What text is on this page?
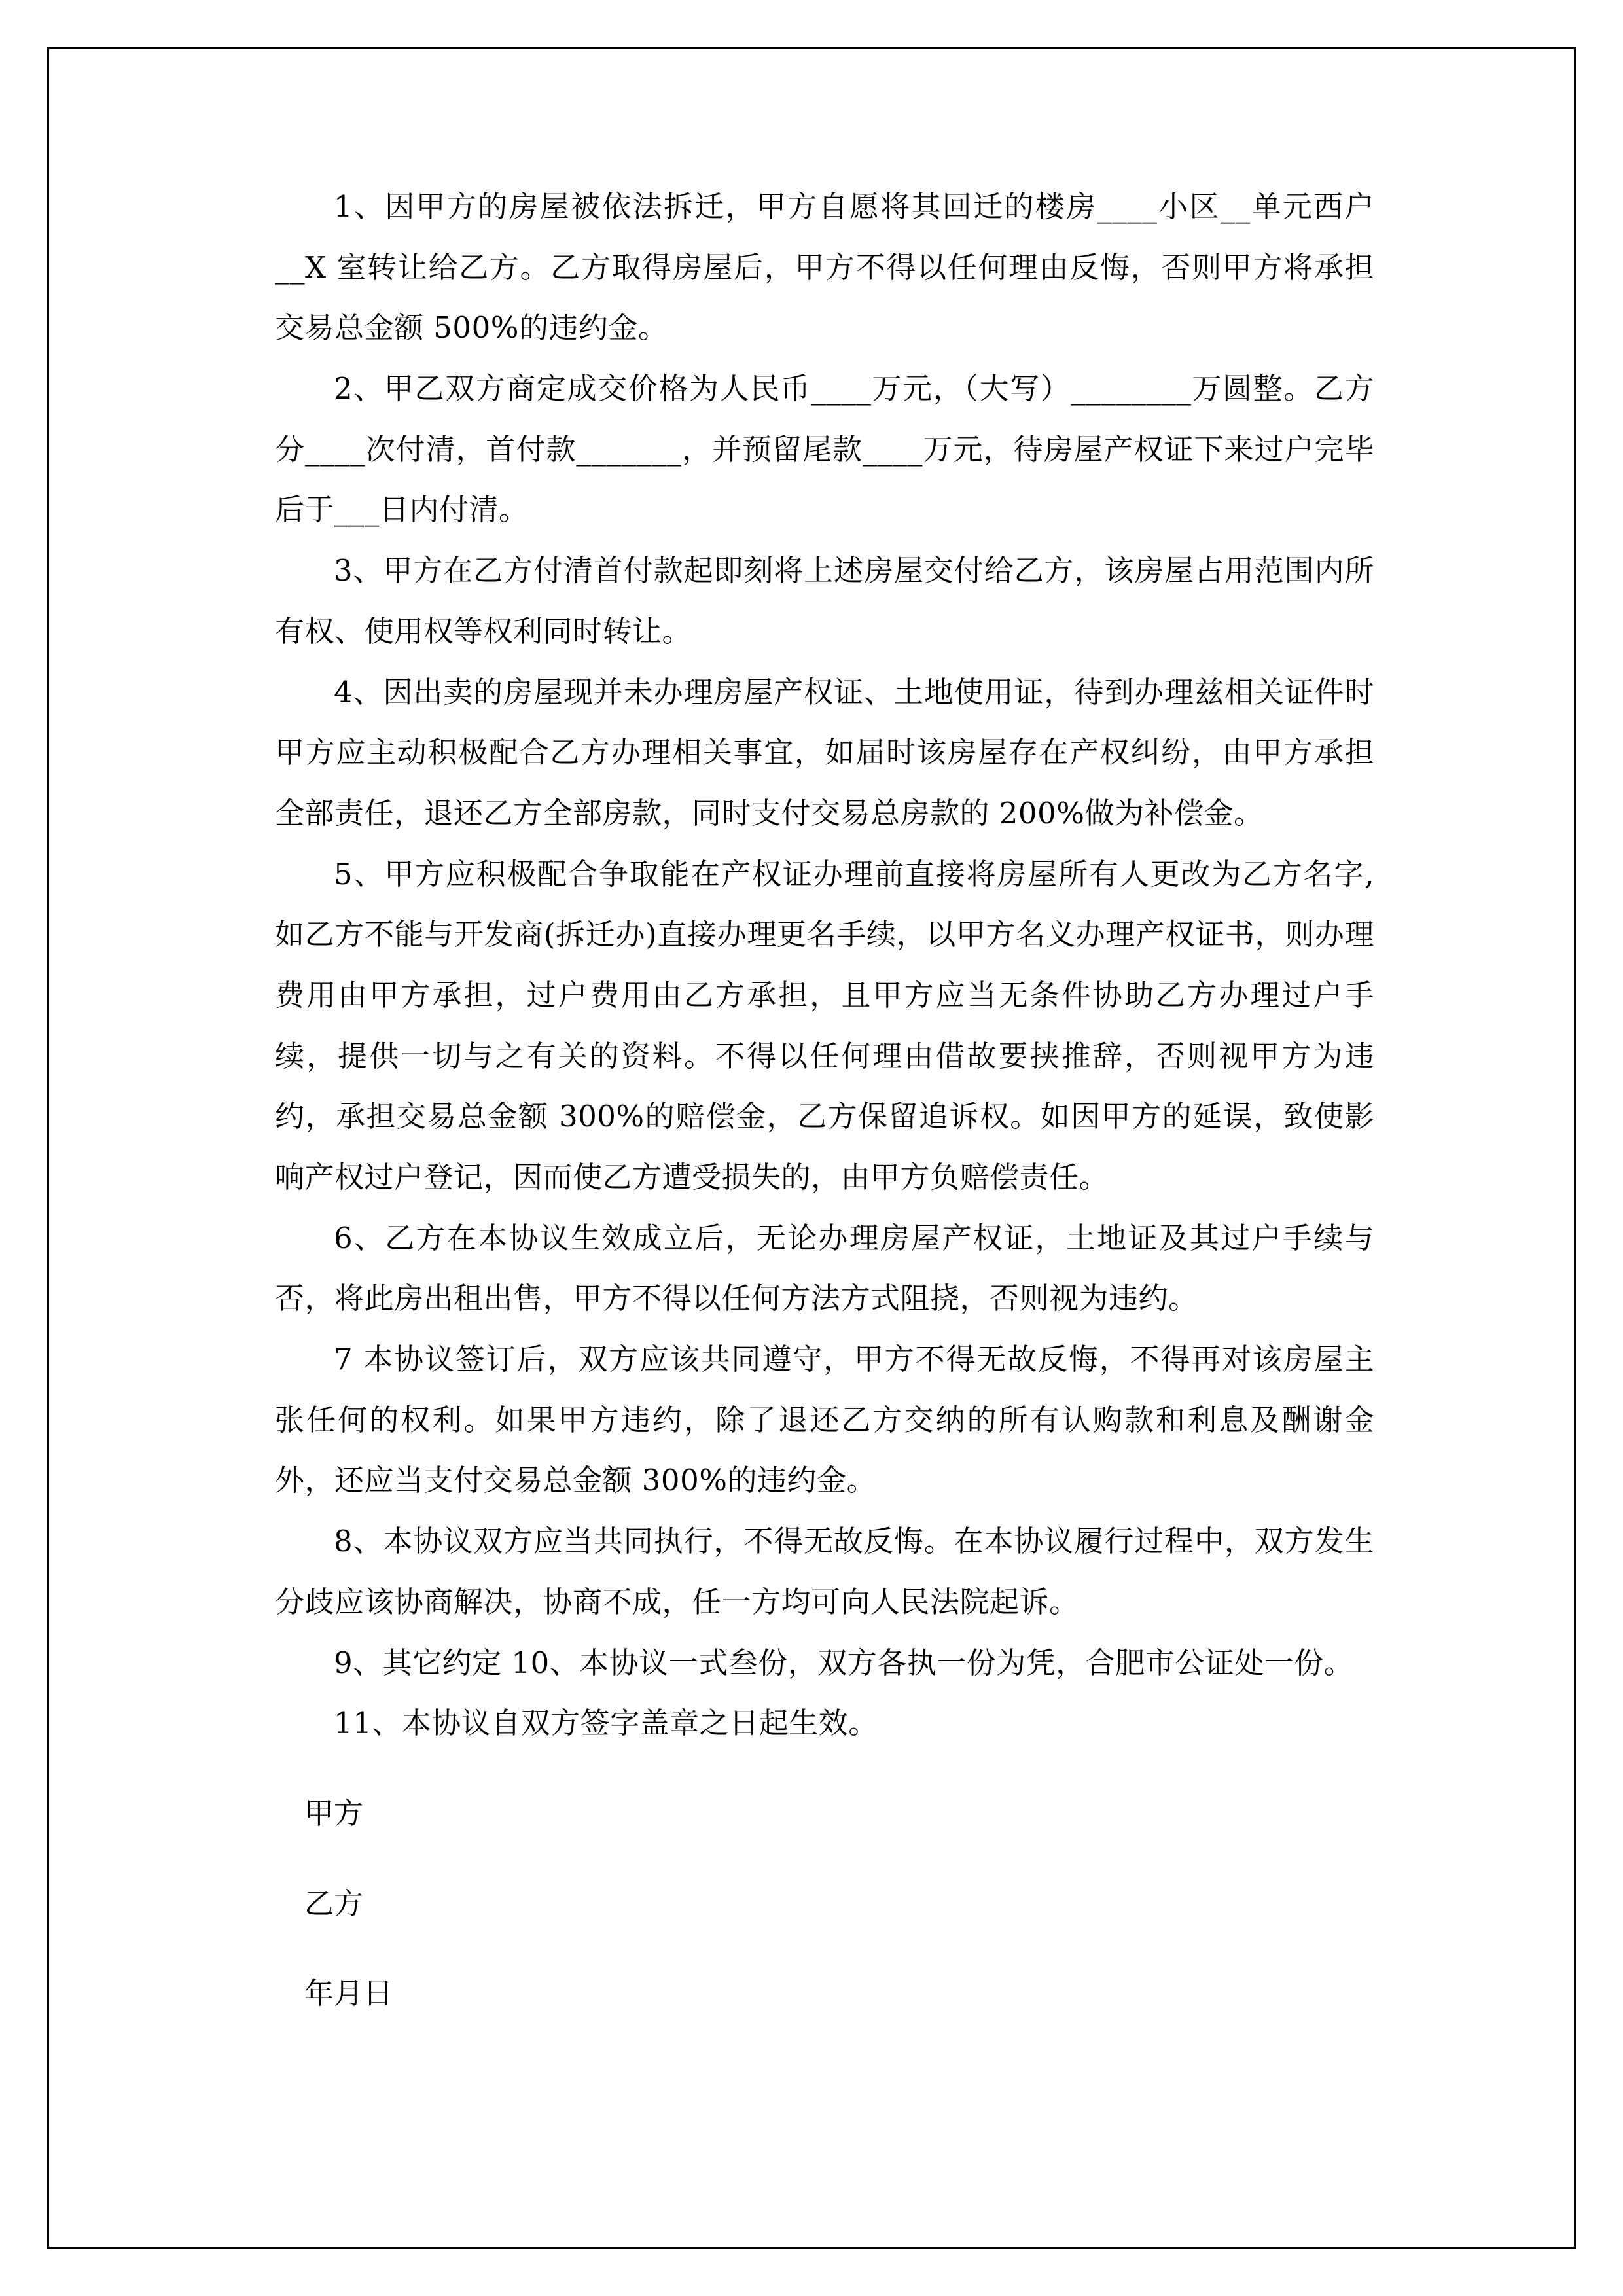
1、因甲方的房屋被依法拆迁，甲方自愿将其回迁的楼房____小区__单元西户__X 室转让给乙方。乙方取得房屋后，甲方不得以任何理由反悔，否则甲方将承担交易总金额 500%的违约金。

2、甲乙双方商定成交价格为人民币____万元，（大写）________万圆整。乙方分____次付清，首付款_______，并预留尾款____万元，待房屋产权证下来过户完毕后于___日内付清。

3、甲方在乙方付清首付款起即刻将上述房屋交付给乙方，该房屋占用范围内所有权、使用权等权利同时转让。

4、因出卖的房屋现并未办理房屋产权证、土地使用证，待到办理兹相关证件时甲方应主动积极配合乙方办理相关事宜，如届时该房屋存在产权纠纷，由甲方承担全部责任，退还乙方全部房款，同时支付交易总房款的 200%做为补偿金。

5、甲方应积极配合争取能在产权证办理前直接将房屋所有人更改为乙方名字,如乙方不能与开发商(拆迁办)直接办理更名手续，以甲方名义办理产权证书，则办理费用由甲方承担，过户费用由乙方承担，且甲方应当无条件协助乙方办理过户手续，提供一切与之有关的资料。不得以任何理由借故要挟推辞，否则视甲方为违约，承担交易总金额 300%的赔偿金，乙方保留追诉权。如因甲方的延误，致使影响产权过户登记，因而使乙方遭受损失的，由甲方负赔偿责任。

6、乙方在本协议生效成立后，无论办理房屋产权证，土地证及其过户手续与否，将此房出租出售，甲方不得以任何方法方式阻挠，否则视为违约。

7 本协议签订后，双方应该共同遵守，甲方不得无故反悔，不得再对该房屋主张任何的权利。如果甲方违约，除了退还乙方交纳的所有认购款和利息及酬谢金外，还应当支付交易总金额 300%的违约金。

8、本协议双方应当共同执行，不得无故反悔。在本协议履行过程中，双方发生分歧应该协商解决，协商不成，任一方均可向人民法院起诉。

9、其它约定 10、本协议一式叁份，双方各执一份为凭，合肥市公证处一份。

11、本协议自双方签字盖章之日起生效。

甲方

乙方

年月日
